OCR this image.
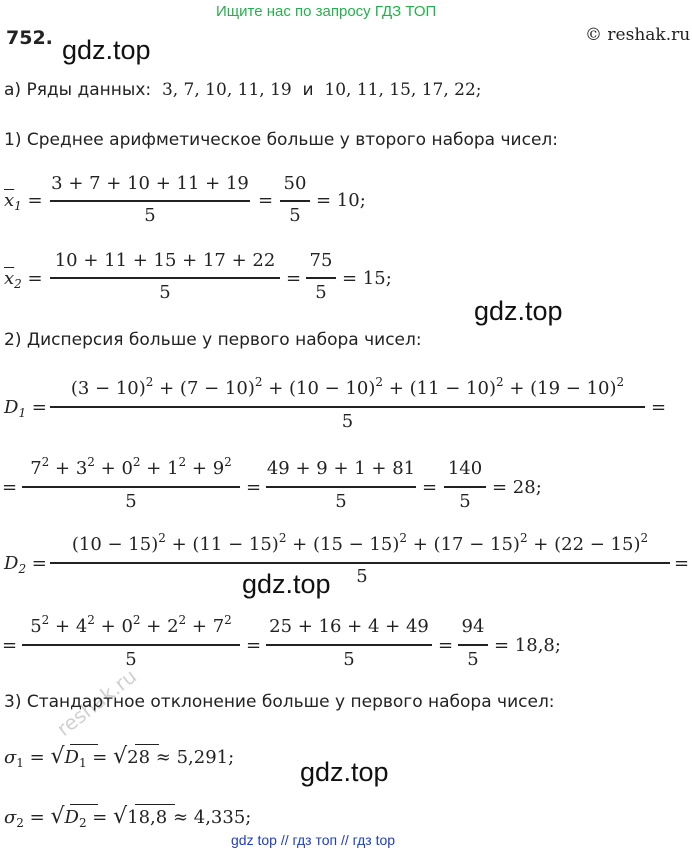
Ищите нас по запросу ГДЗ ТОП
752.	© reshak.ru
gdz.top
gdz.top
gdz.top
gdz.top
reshak.ru
а) Ряды данных: 3, 7, 10, 11, 19 и 10, 11, 15, 17, 22;
1) Среднее арифметическое больше у второго набора чисел:
$\overline{x}_1$ =
3 + 7 + 10 + 11 + 19
5
=
50
5
= 10;
$\overline{x}_2$ =
10 + 11 + 15 + 17 + 22
5
=
75
5
= 15;
2) Дисперсия больше у первого набора чисел:
$D_1$ =
$(3 - 10)^2 + (7 - 10)^2 + (10 - 10)^2 + (11 - 10)^2 + (19 - 10)^2$
5
=
=
$7^2 + 3^2 + 0^2 + 1^2 + 9^2$
5
=
49 + 9 + 1 + 81
5
=
140
5
= 28;
$D_2$ =
$(10 - 15)^2 + (11 - 15)^2 + (15 - 15)^2 + (17 - 15)^2 + (22 - 15)^2$
5
=
=
$5^2 + 4^2 + 0^2 + 2^2 + 7^2$
5
=
25 + 16 + 4 + 49
5
=
94
5
= 18,8;
3) Стандартное отклонение больше у первого набора чисел:
$\sigma_1 = √D_1 = √28 \approx 5,291$;
$\sigma_2 = √D_2 = √18,8 \approx 4,335$;
gdz top // гдз топ // гдз top
